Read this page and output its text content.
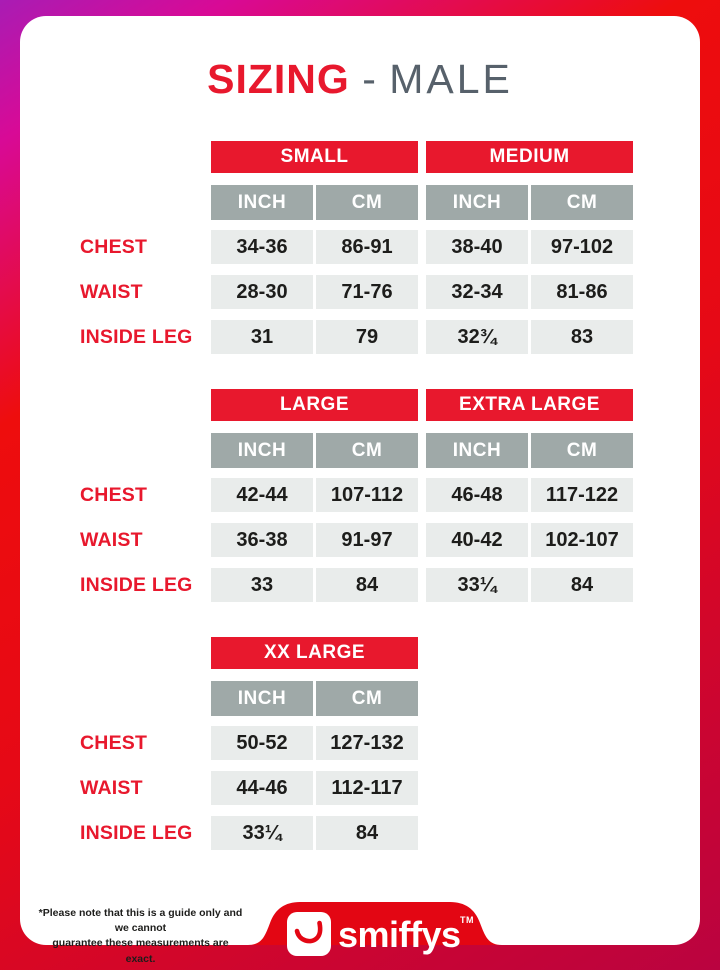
SIZING - MALE
SMALL	MEDIUM
INCH	CM	INCH	CM
CHEST	34-36	86-91	38-40	97-102
WAIST	28-30	71-76	32-34	81-86
INSIDE LEG	31	79	32¾	83
LARGE	EXTRA LARGE
INCH	CM	INCH	CM
CHEST	42-44	107-112	46-48	117-122
WAIST	36-38	91-97	40-42	102-107
INSIDE LEG	33	84	33¼	84
XX LARGE
INCH	CM
CHEST	50-52	127-132
WAIST	44-46	112-117
INSIDE LEG	33¼	84
*Please note that this is a guide only and we cannot
guarantee these measurements are exact.
smiffys TM
